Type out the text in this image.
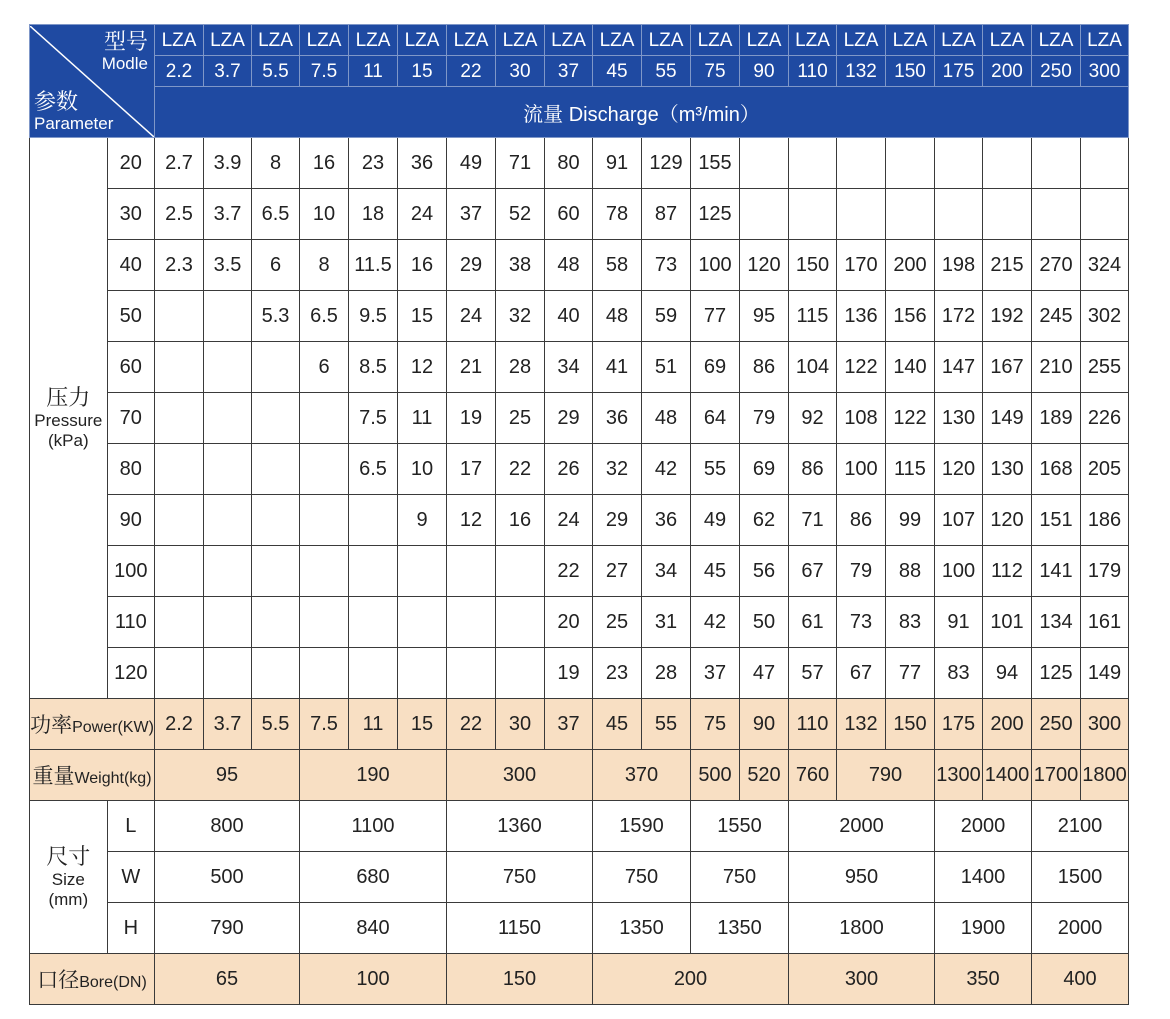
型号
Modle
参数
Parameter		LZA	LZA	LZA	LZA	LZA	LZA	LZA	LZA	LZA	LZA	LZA	LZA	LZA	LZA	LZA	LZA	LZA	LZA	LZA	LZA
		2.2	3.7	5.5	7.5	11	15	22	30	37	45	55	75	90	110	132	150	175	200	250	300
		流量 Discharge（m³/min）																			

压力
Pressure
(kPa)	20	2.7	3.9	8	16	23	36	49	71	80	91	129	155								
	30	2.5	3.7	6.5	10	18	24	37	52	60	78	87	125								
	40	2.3	3.5	6	8	11.5	16	29	38	48	58	73	100	120	150	170	200	198	215	270	324
	50			5.3	6.5	9.5	15	24	32	40	48	59	77	95	115	136	156	172	192	245	302
	60				6	8.5	12	21	28	34	41	51	69	86	104	122	140	147	167	210	255
	70					7.5	11	19	25	29	36	48	64	79	92	108	122	130	149	189	226
	80					6.5	10	17	22	26	32	42	55	69	86	100	115	120	130	168	205
	90						9	12	16	24	29	36	49	62	71	86	99	107	120	151	186
	100									22	27	34	45	56	67	79	88	100	112	141	179
	110									20	25	31	42	50	61	73	83	91	101	134	161
	120									19	23	28	37	47	57	67	77	83	94	125	149
功率Power(KW)		2.2	3.7	5.5	7.5	11	15	22	30	37	45	55	75	90	110	132	150	175	200	250	300
重量Weight(kg)		95			190			300			370		500	520	760	790		1300	1400	1700	1800

尺寸
Size
(mm)	L	800			1100			1360			1590		1550		2000			2000		2100	
	W	500			680			750			750		750		950			1400		1500	
	H	790			840			1150			1350		1350		1800			1900		2000	
口径Bore(DN)		65			100			150			200				300			350		400	
